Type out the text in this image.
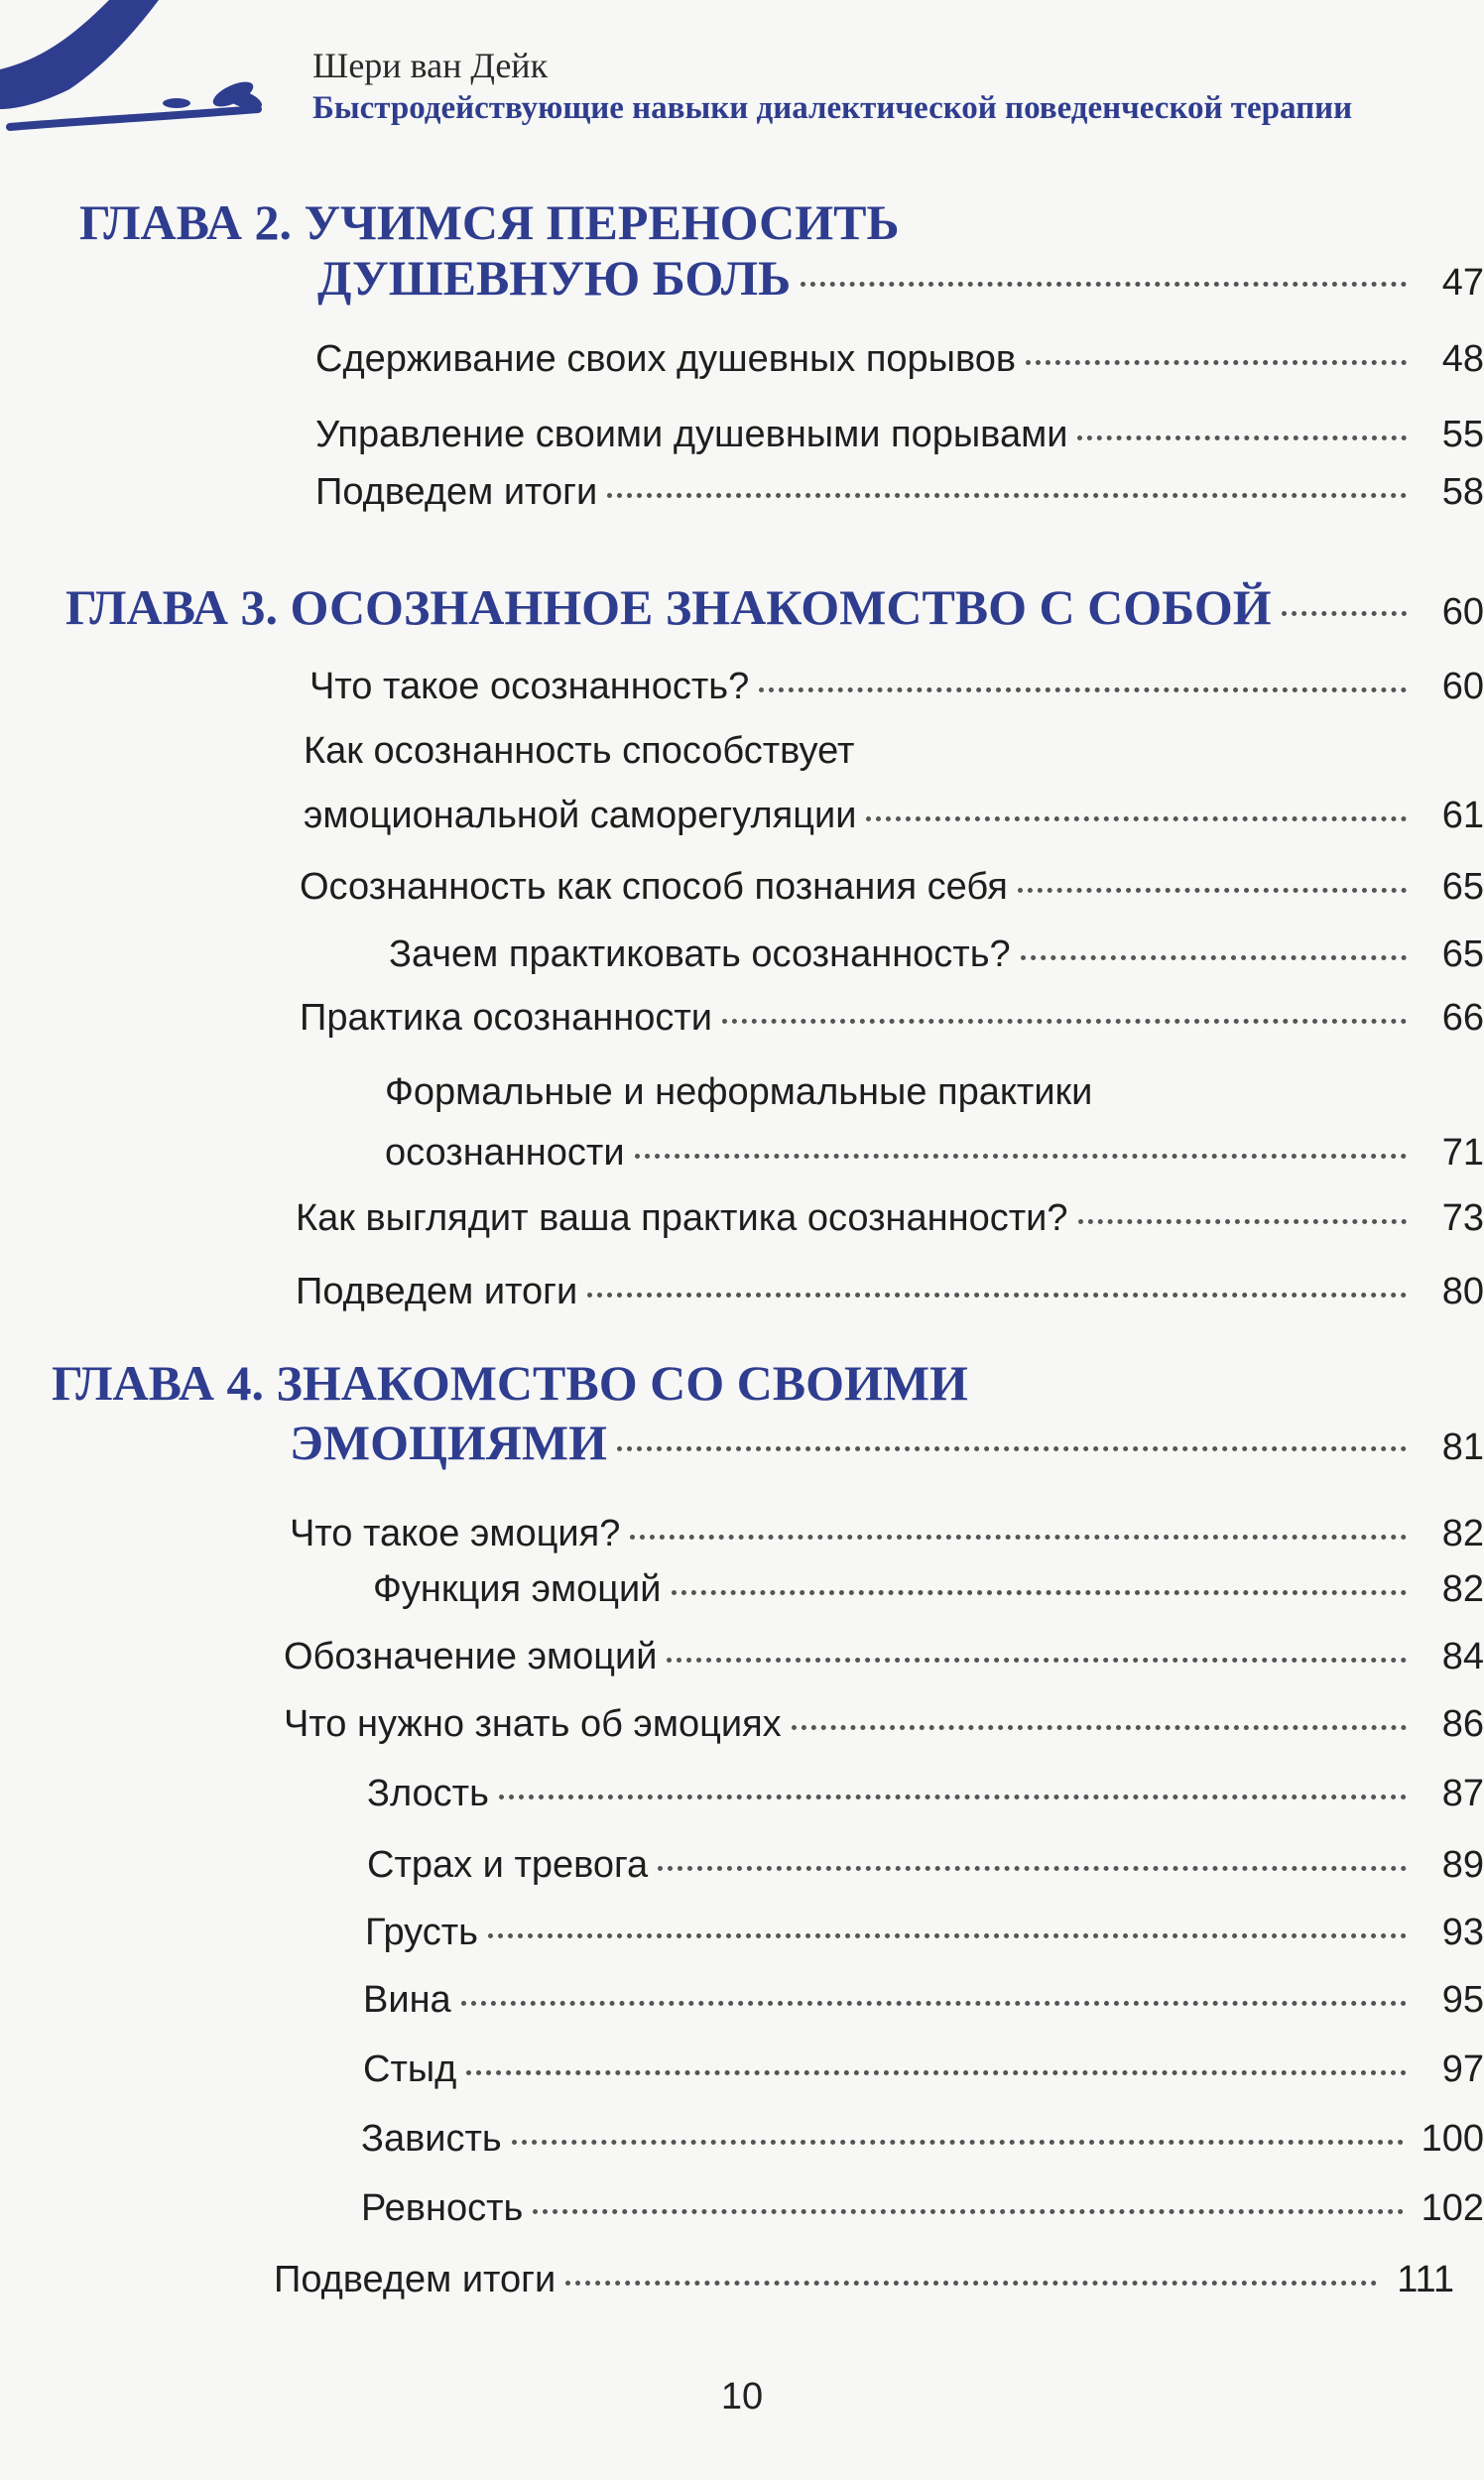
Шери ван Дейк
Быстродействующие навыки диалектической поведенческой терапии
ГЛАВА 2. УЧИМСЯ ПЕРЕНОСИТЬ
ДУШЕВНУЮ БОЛЬ	47
Сдерживание своих душевных порывов	48
Управление своими душевными порывами	55
Подведем итоги	58
ГЛАВА 3. ОСОЗНАННОЕ ЗНАКОМСТВО С СОБОЙ	60
Что такое осознанность?	60
Как осознанность способствует
эмоциональной саморегуляции	61
Осознанность как способ познания себя	65
Зачем практиковать осознанность?	65
Практика осознанности	66
Формальные и неформальные практики
осознанности	71
Как выглядит ваша практика осознанности?	73
Подведем итоги	80
ГЛАВА 4. ЗНАКОМСТВО СО СВОИМИ
ЭМОЦИЯМИ	81
Что такое эмоция?	82
Функция эмоций	82
Обозначение эмоций	84
Что нужно знать об эмоциях	86
Злость	87
Страх и тревога	89
Грусть	93
Вина	95
Стыд	97
Зависть	100
Ревность	102
Подведем итоги	111
10
